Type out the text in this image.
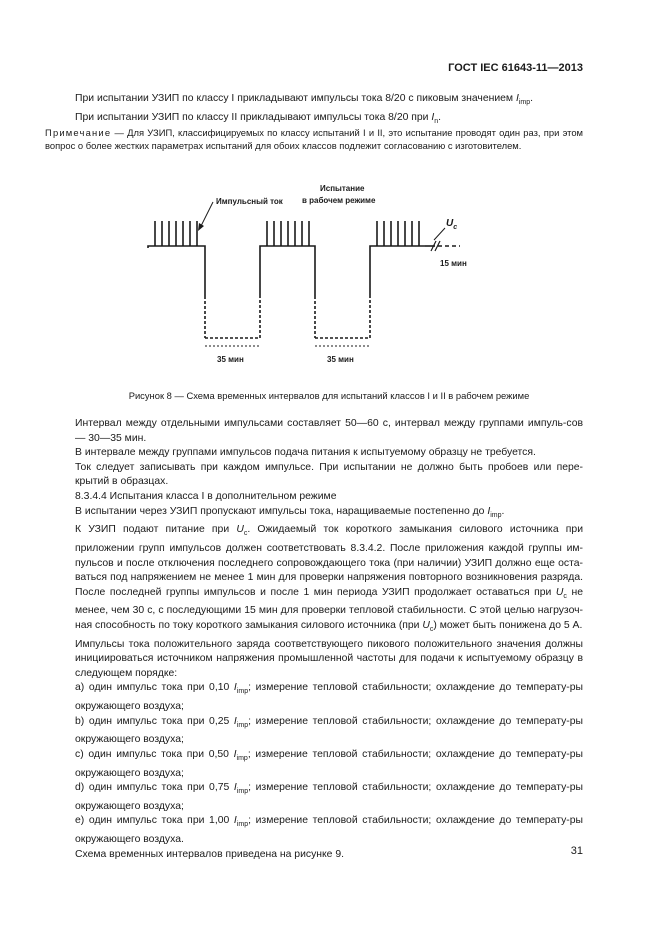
ГОСТ IEC 61643-11—2013

При испытании УЗИП по классу I прикладывают импульсы тока 8/20 с пиковым значением $I_{imp}$.

При испытании УЗИП по классу II прикладывают импульсы тока 8/20 при $I_n$.

Примечание — Для УЗИП, классифицируемых по классу испытаний I и II, это испытание проводят один раз, при этом вопрос о более жестких параметрах испытаний для обоих классов подлежит согласованию с изготовителем.

Импульсный ток
Испытание
в рабочем режиме
$U_c$
15 мин
35 мин	35 мин
Рисунок 8 — Схема временных интервалов для испытаний классов I и II в рабочем режиме

Интервал между отдельными импульсами составляет 50—60 с, интервал между группами импуль-сов — 30—35 мин.

В интервале между группами импульсов подача питания к испытуемому образцу не требуется.

Ток следует записывать при каждом импульсе. При испытании не должно быть пробоев или пере-крытий в образцах.

8.3.4.4 Испытания класса I в дополнительном режиме

В испытании через УЗИП пропускают импульсы тока, наращиваемые постепенно до $I_{imp}$.

К УЗИП подают питание при $U_c$. Ожидаемый ток короткого замыкания силового источника при приложении групп импульсов должен соответствовать 8.3.4.2. После приложения каждой группы им-пульсов и после отключения последнего сопровождающего тока (при наличии) УЗИП должно еще оста-ваться под напряжением не менее 1 мин для проверки напряжения повторного возникновения разряда. После последней группы импульсов и после 1 мин периода УЗИП продолжает оставаться при $U_c$ не менее, чем 30 с, с последующими 15 мин для проверки тепловой стабильности. С этой целью нагрузоч-ная способность по току короткого замыкания силового источника (при $U_c$) может быть понижена до 5 А.

Импульсы тока положительного заряда соответствующего пикового положительного значения должны инициироваться источником напряжения промышленной частоты для подачи к испытуемому образцу в следующем порядке:

а) один импульс тока при 0,10 $I_{imp}$; измерение тепловой стабильности; охлаждение до температу-ры окружающего воздуха;

b) один импульс тока при 0,25 $I_{imp}$; измерение тепловой стабильности; охлаждение до температу-ры окружающего воздуха;

c) один импульс тока при 0,50 $I_{imp}$; измерение тепловой стабильности; охлаждение до температу-ры окружающего воздуха;

d) один импульс тока при 0,75 $I_{imp}$; измерение тепловой стабильности; охлаждение до температу-ры окружающего воздуха;

e) один импульс тока при 1,00 $I_{imp}$; измерение тепловой стабильности; охлаждение до температу-ры окружающего воздуха.

Схема временных интервалов приведена на рисунке 9.	31
